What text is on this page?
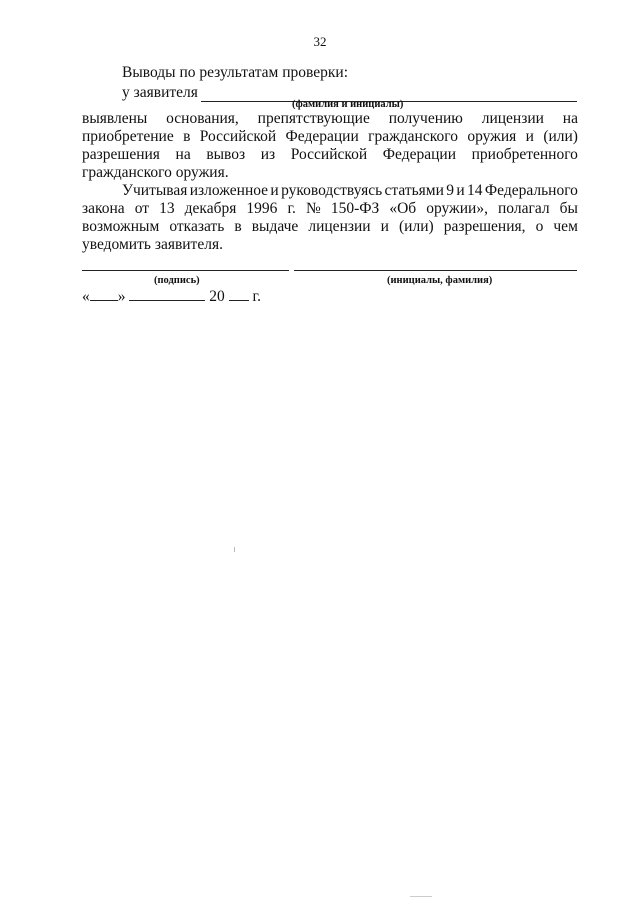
32
Выводы по результатам проверки:
у заявителя
(фамилия и инициалы)
выявлены основания, препятствующие получению лицензии на
приобретение в Российской Федерации гражданского оружия и (или)
разрешения на вывоз из Российской Федерации приобретенного
гражданского оружия.
Учитывая изложенное и руководствуясь статьями 9 и 14 Федерального
закона от 13 декабря 1996 г. № 150-ФЗ «Об оружии», полагал бы
возможным отказать в выдаче лицензии и (или) разрешения, о чем
уведомить заявителя.
(подпись)	(инициалы, фамилия)
« »	20 г.
